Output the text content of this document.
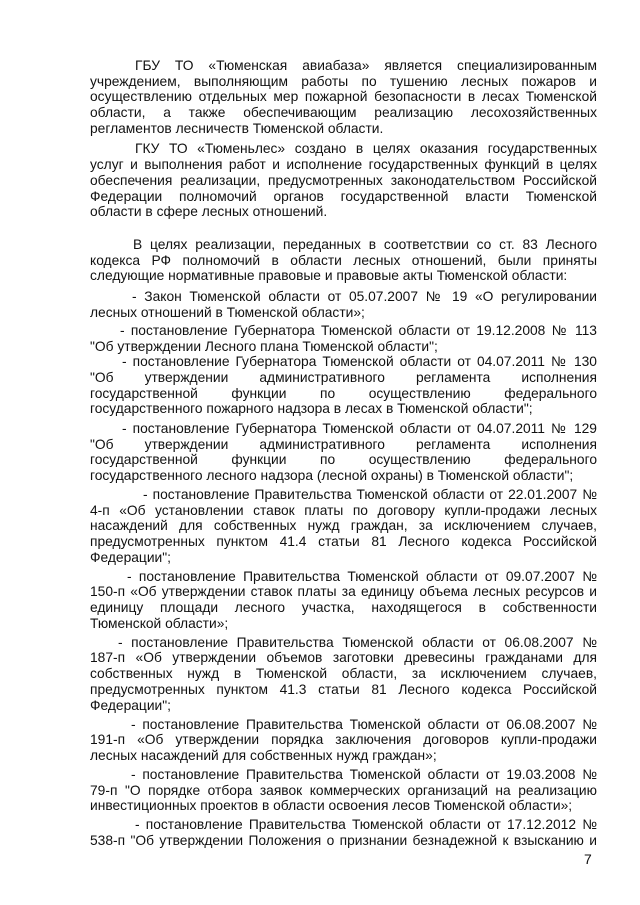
ГБУ ТО «Тюменская авиабаза» является специализированным
учреждением, выполняющим работы по тушению лесных пожаров и
осуществлению отдельных мер пожарной безопасности в лесах Тюменской
области, а также обеспечивающим реализацию лесохозяйственных
регламентов лесничеств Тюменской области.
ГКУ ТО «Тюменьлес» создано в целях оказания государственных
услуг и выполнения работ и исполнение государственных функций в целях
обеспечения реализации, предусмотренных законодательством Российской
Федерации полномочий органов государственной власти Тюменской
области в сфере лесных отношений.
В целях реализации, переданных в соответствии со ст. 83 Лесного
кодекса РФ полномочий в области лесных отношений, были приняты
следующие нормативные правовые и правовые акты Тюменской области:
- Закон Тюменской области от 05.07.2007 № 19 «О регулировании
лесных отношений в Тюменской области»;
- постановление Губернатора Тюменской области от 19.12.2008 № 113
"Об утверждении Лесного плана Тюменской области";
- постановление Губернатора Тюменской области от 04.07.2011 № 130
"Об утверждении административного регламента исполнения
государственной функции по осуществлению федерального
государственного пожарного надзора в лесах в Тюменской области";
- постановление Губернатора Тюменской области от 04.07.2011 № 129
"Об утверждении административного регламента исполнения
государственной функции по осуществлению федерального
государственного лесного надзора (лесной охраны) в Тюменской области";
- постановление Правительства Тюменской области от 22.01.2007 №
4-п «Об установлении ставок платы по договору купли-продажи лесных
насаждений для собственных нужд граждан, за исключением случаев,
предусмотренных пунктом 41.4 статьи 81 Лесного кодекса Российской
Федерации";
- постановление Правительства Тюменской области от 09.07.2007 №
150-п «Об утверждении ставок платы за единицу объема лесных ресурсов и
единицу площади лесного участка, находящегося в собственности
Тюменской области»;
- постановление Правительства Тюменской области от 06.08.2007 №
187-п «Об утверждении объемов заготовки древесины гражданами для
собственных нужд в Тюменской области, за исключением случаев,
предусмотренных пунктом 41.3 статьи 81 Лесного кодекса Российской
Федерации";
- постановление Правительства Тюменской области от 06.08.2007 №
191-п «Об утверждении порядка заключения договоров купли-продажи
лесных насаждений для собственных нужд граждан»;
- постановление Правительства Тюменской области от 19.03.2008 №
79-п "О порядке отбора заявок коммерческих организаций на реализацию
инвестиционных проектов в области освоения лесов Тюменской области»;
- постановление Правительства Тюменской области от 17.12.2012 №
538-п "Об утверждении Положения о признании безнадежной к взысканию и
7
